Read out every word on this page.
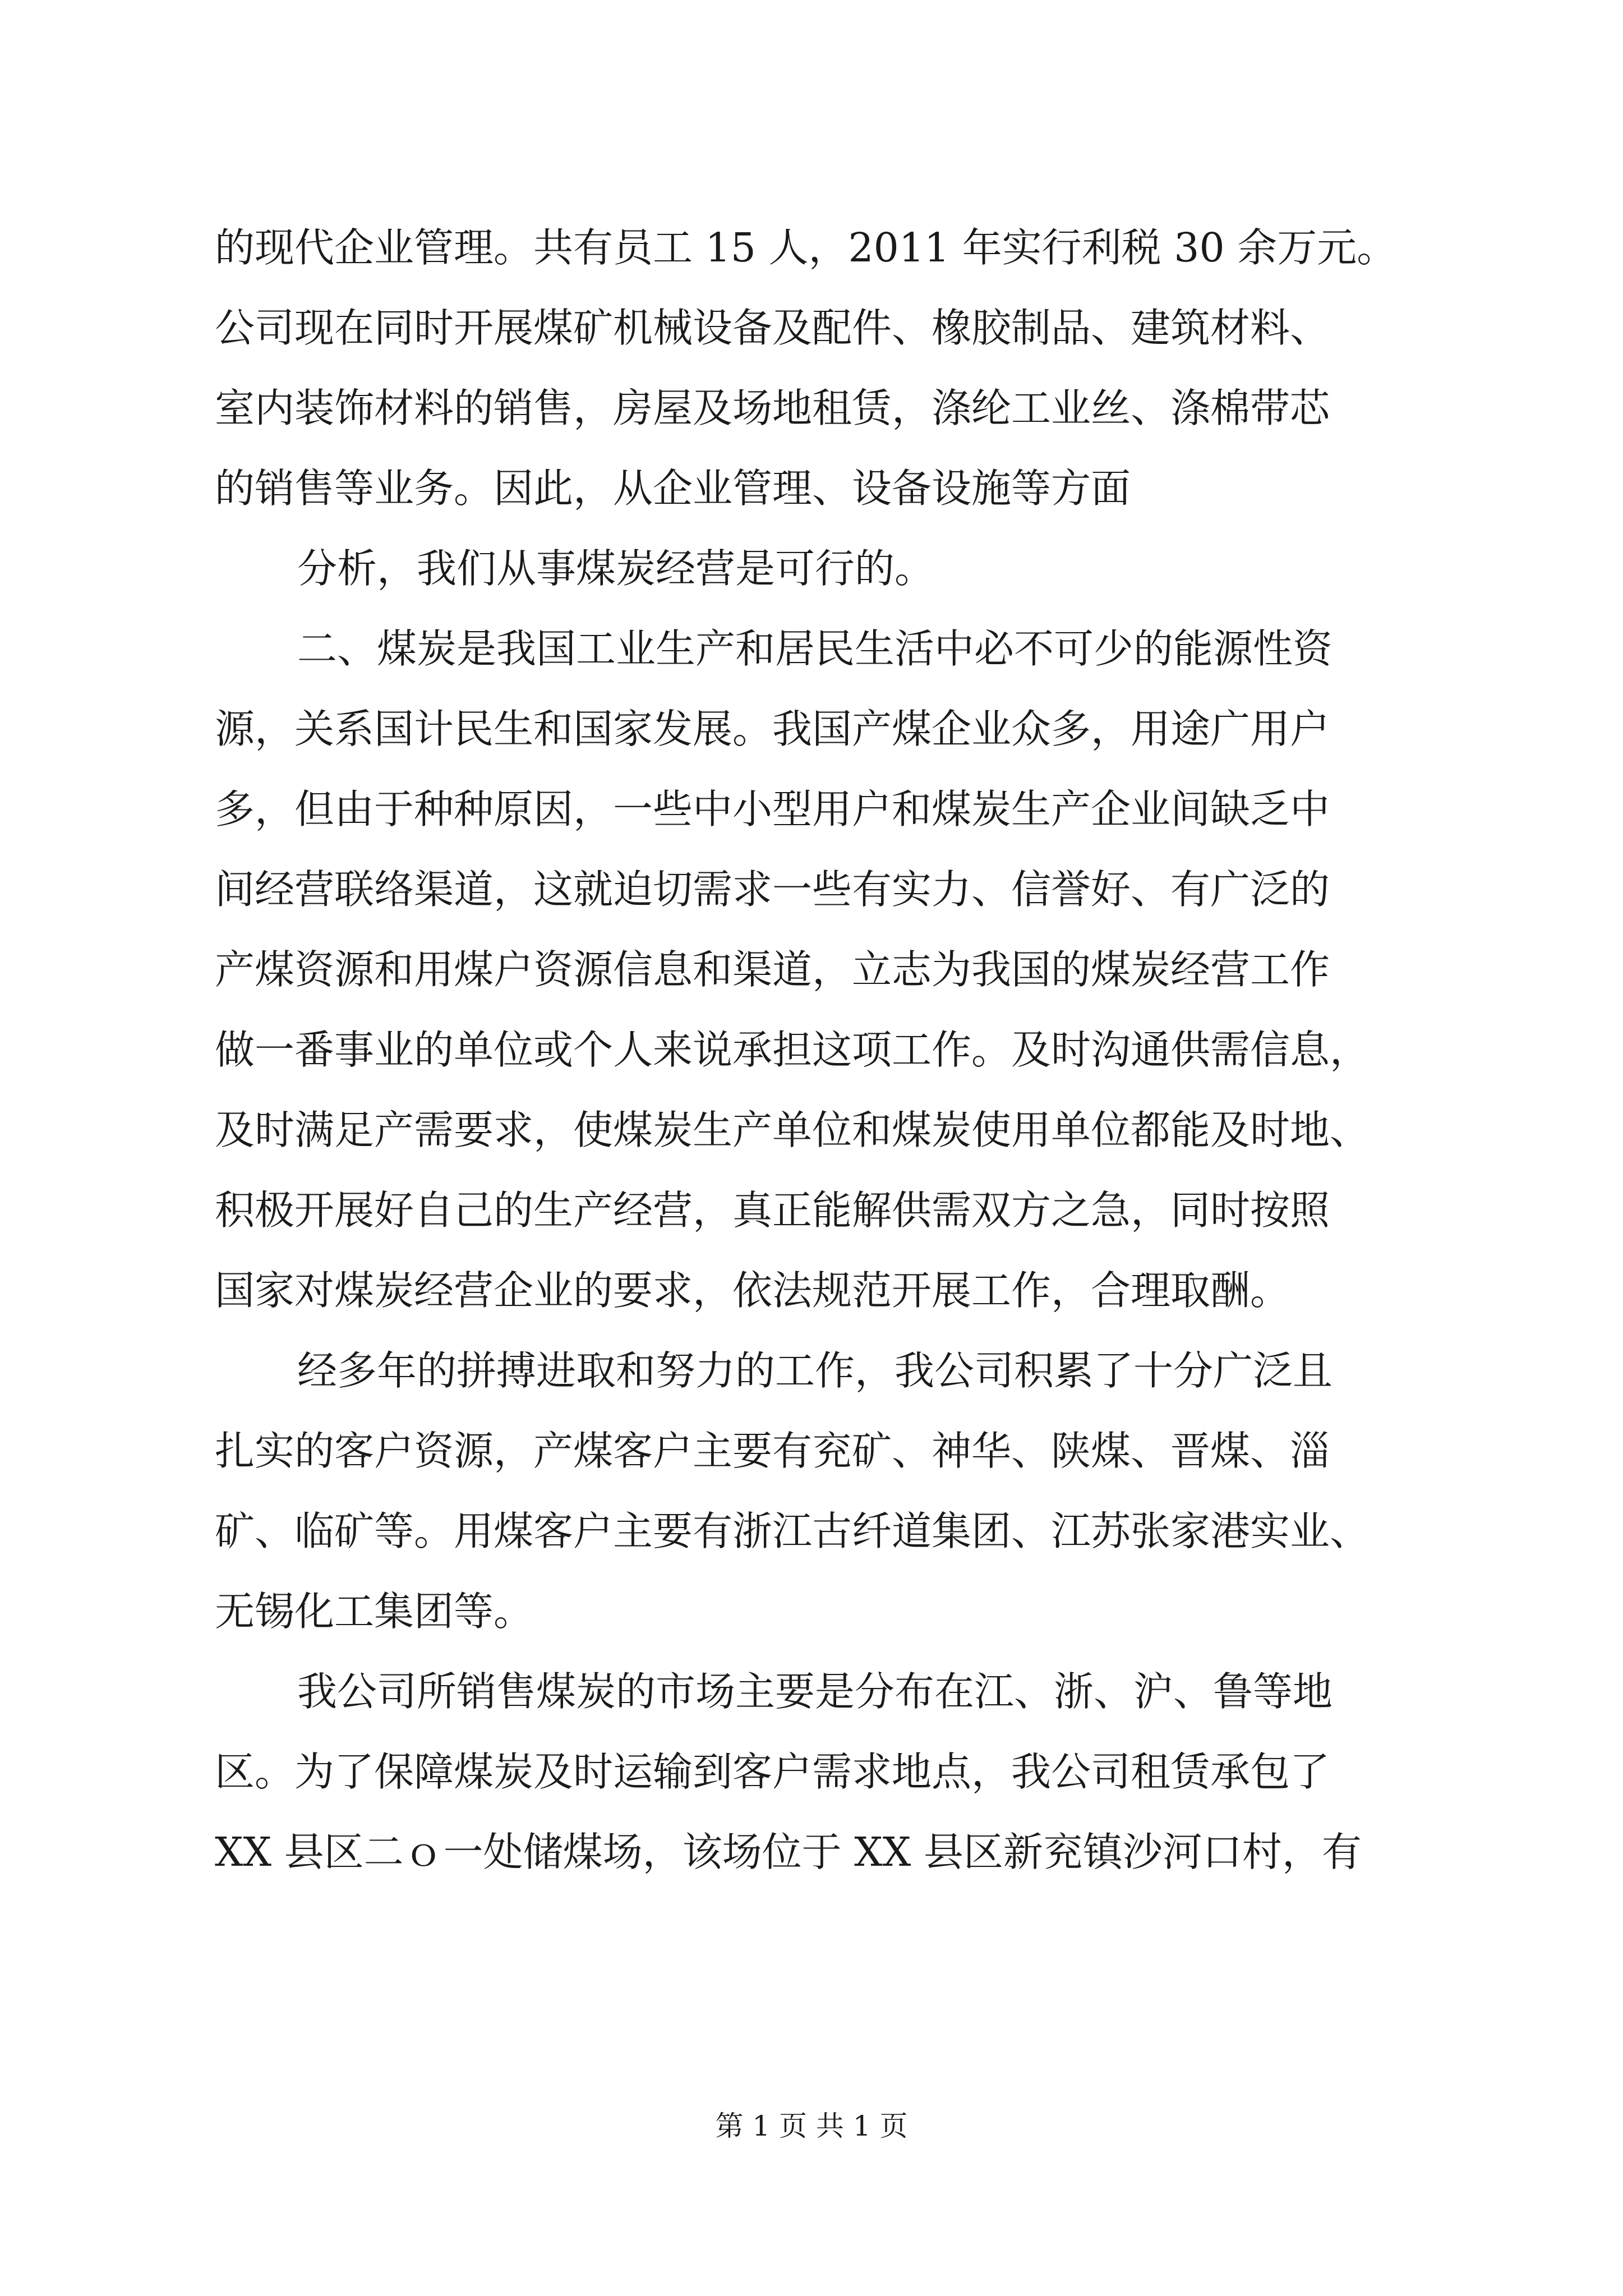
的现代企业管理。共有员工 15 人，2011 年实行利税 30 余万元。

公司现在同时开展煤矿机械设备及配件、橡胶制品、建筑材料、

室内装饰材料的销售，房屋及场地租赁，涤纶工业丝、涤棉带芯

的销售等业务。因此，从企业管理、设备设施等方面

分析，我们从事煤炭经营是可行的。

二、煤炭是我国工业生产和居民生活中必不可少的能源性资

源，关系国计民生和国家发展。我国产煤企业众多，用途广用户

多，但由于种种原因，一些中小型用户和煤炭生产企业间缺乏中

间经营联络渠道，这就迫切需求一些有实力、信誉好、有广泛的

产煤资源和用煤户资源信息和渠道，立志为我国的煤炭经营工作

做一番事业的单位或个人来说承担这项工作。及时沟通供需信息，

及时满足产需要求，使煤炭生产单位和煤炭使用单位都能及时地、

积极开展好自己的生产经营，真正能解供需双方之急，同时按照

国家对煤炭经营企业的要求，依法规范开展工作，合理取酬。

经多年的拼搏进取和努力的工作，我公司积累了十分广泛且

扎实的客户资源，产煤客户主要有兖矿、神华、陕煤、晋煤、淄

矿、临矿等。用煤客户主要有浙江古纤道集团、江苏张家港实业、

无锡化工集团等。

我公司所销售煤炭的市场主要是分布在江、浙、沪、鲁等地

区。为了保障煤炭及时运输到客户需求地点，我公司租赁承包了

XX 县区二ｏ一处储煤场，该场位于 XX 县区新兖镇沙河口村，有

第 1 页 共 1 页
